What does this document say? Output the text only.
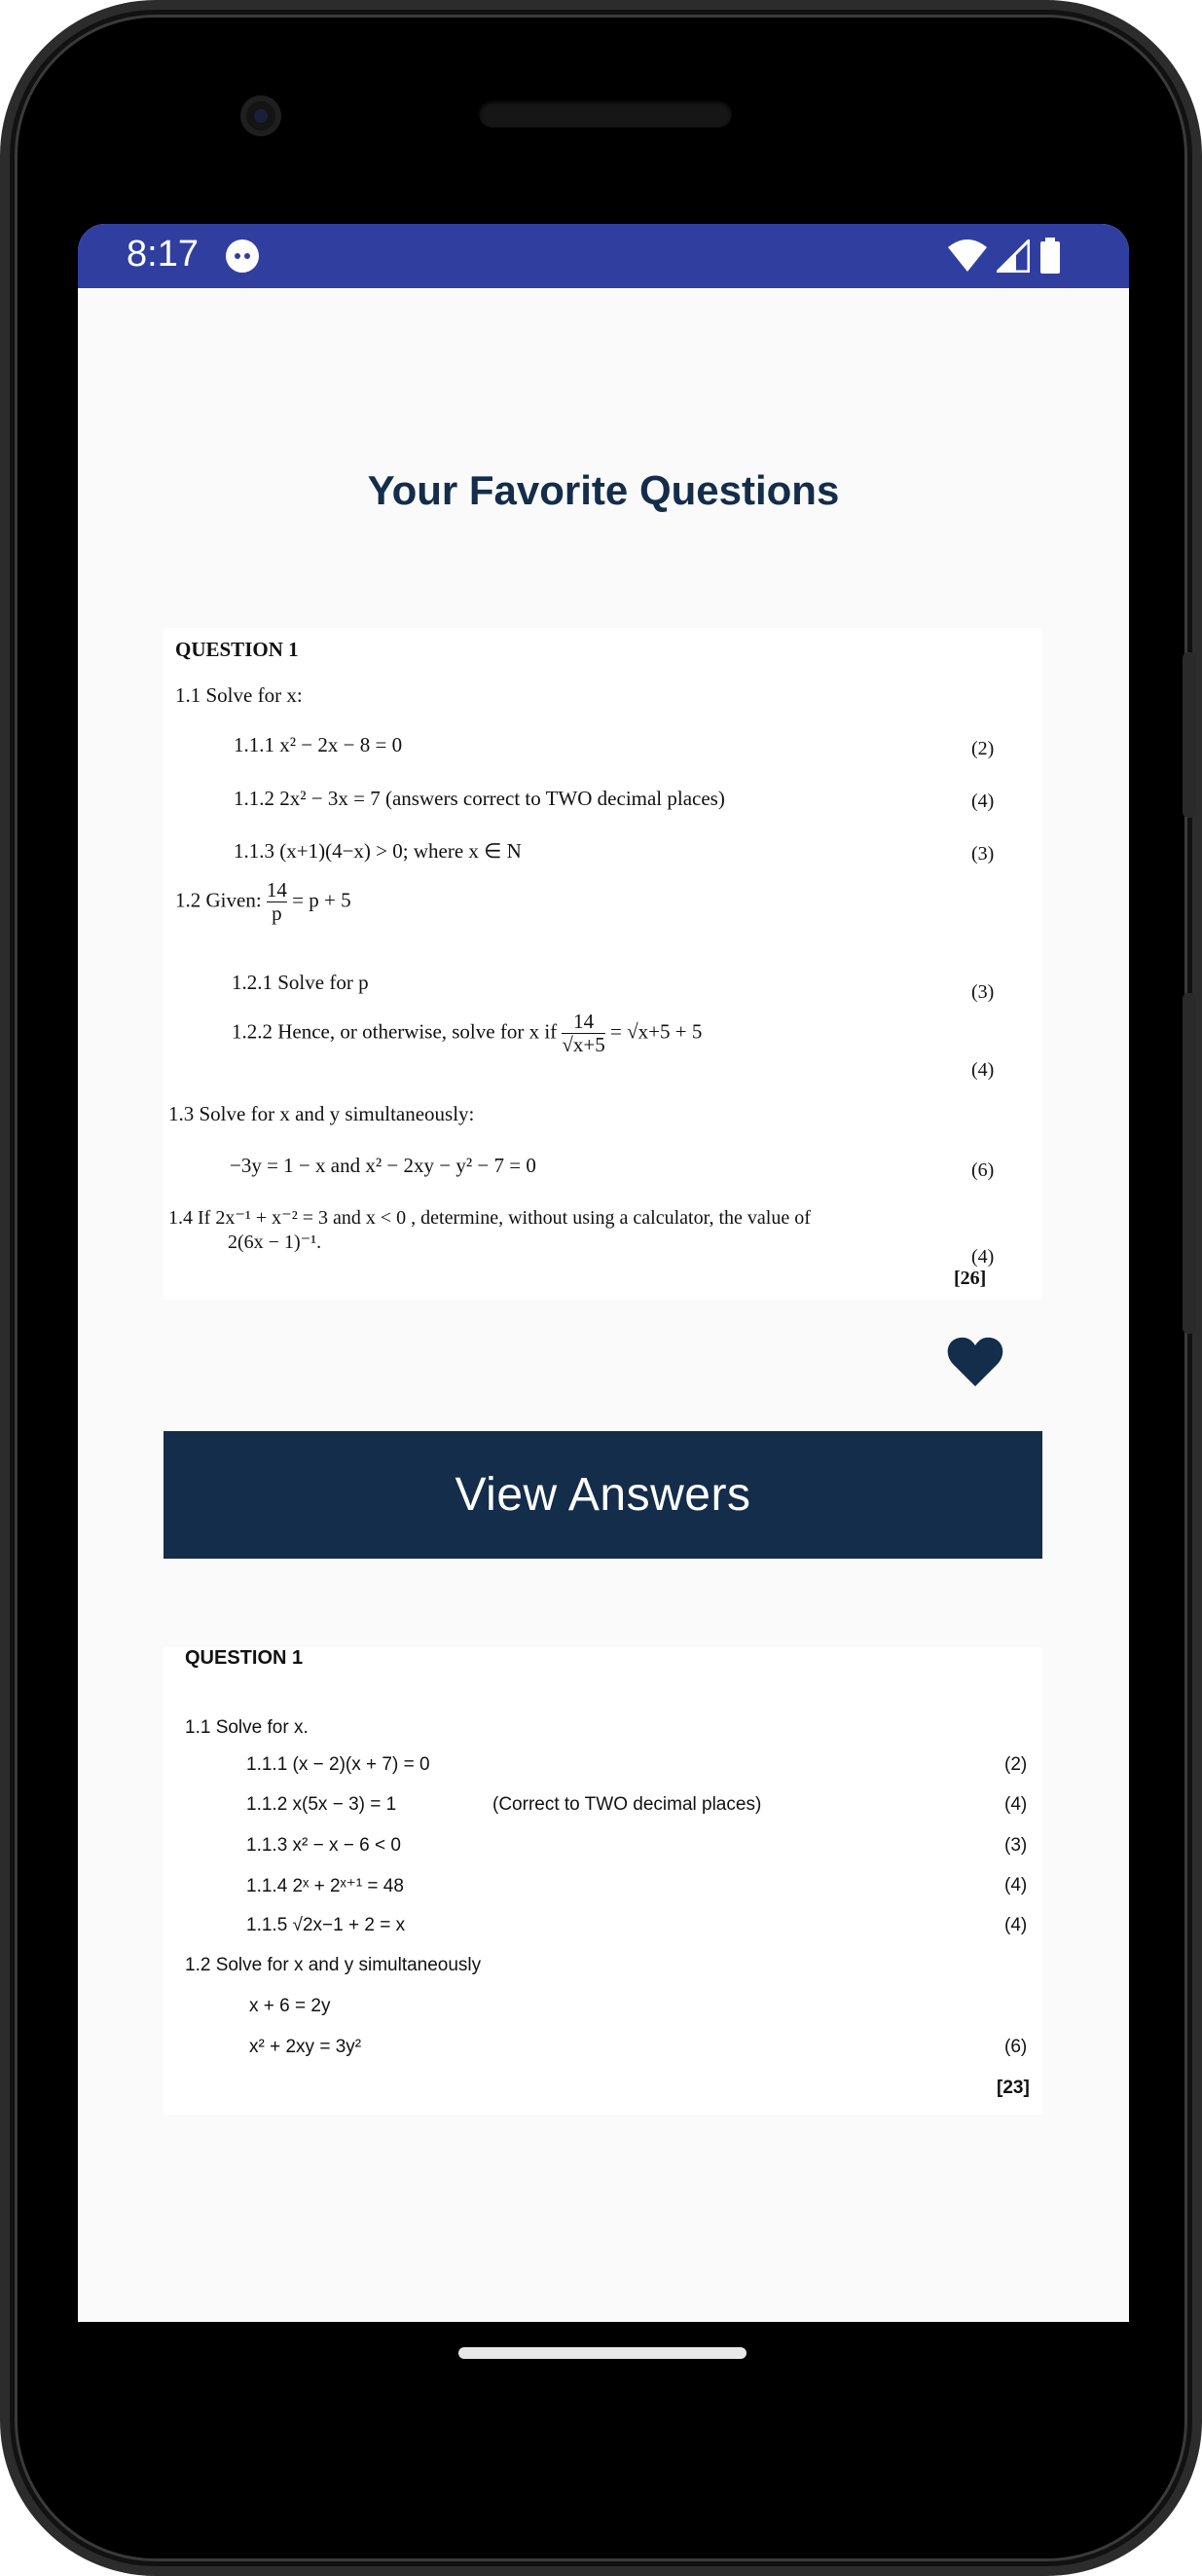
8:17
Your Favorite Questions
QUESTION 1
1.1 Solve for x:
1.1.1 x² − 2x − 8 = 0
1.1.2 2x² − 3x = 7 (answers correct to TWO decimal places)
1.1.3 (x+1)(4−x) > 0; where x ∈ N
1.2 Given: $\frac{14}{p} = p + 5$
1.2.1 Solve for p
1.2.2 Hence, or otherwise, solve for x if $\frac{14}{√x+5} = √x+5 + 5$
1.3 Solve for x and y simultaneously:
−3y = 1 − x and x² − 2xy − y² − 7 = 0
1.4 If 2x⁻¹ + x⁻² = 3 and x < 0 , determine, without using a calculator, the value of
2(6x − 1)⁻¹.
(2)
(4)
(3)
(3)
(4)
(6)
(4)
[26]
View Answers
QUESTION 1
1.1 Solve for x.
1.1.1 (x − 2)(x + 7) = 0
1.1.2 x(5x − 3) = 1	(Correct to TWO decimal places)
1.1.3 x² − x − 6 < 0
1.1.4 2ˣ + 2ˣ⁺¹ = 48
1.1.5 √2x−1 + 2 = x
1.2 Solve for x and y simultaneously
x + 6 = 2y
x² + 2xy = 3y²
(2)
(4)
(3)
(4)
(4)
(6)
[23]
